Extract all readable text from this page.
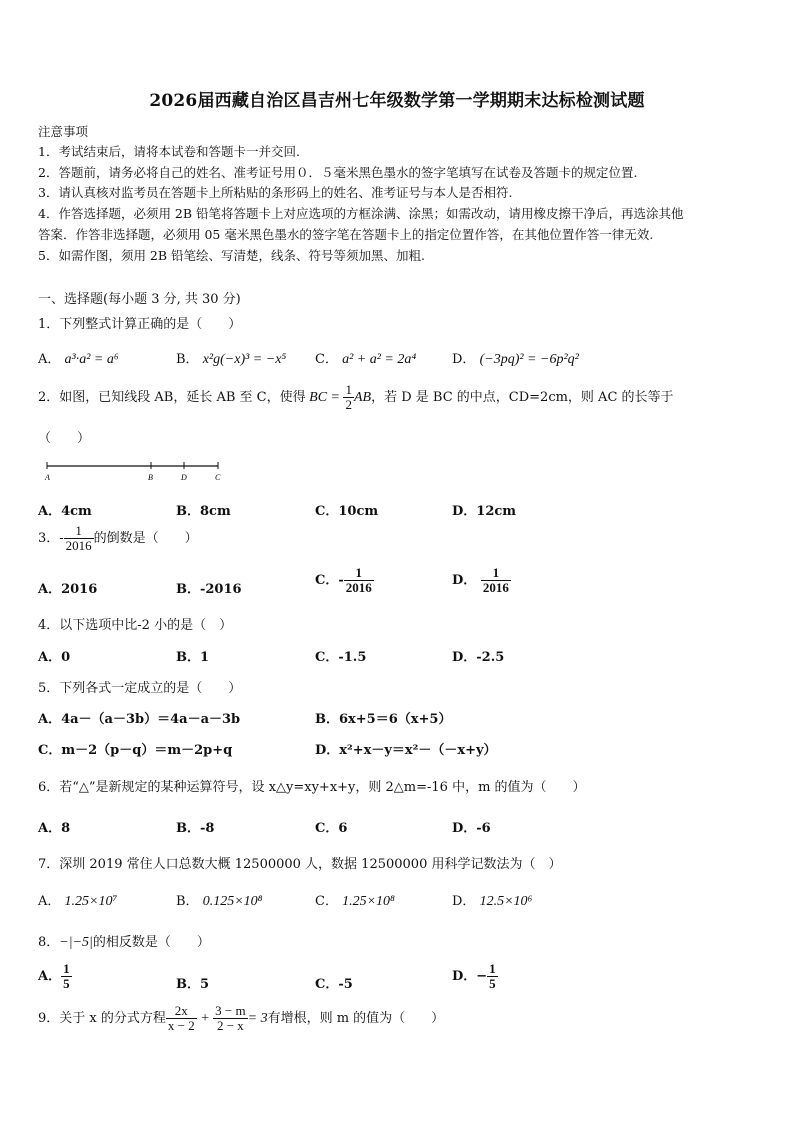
2026届西藏自治区昌吉州七年级数学第一学期期末达标检测试题
注意事项
1．考试结束后，请将本试卷和答题卡一并交回.
2．答题前，请务必将自己的姓名、准考证号用０．５毫米黑色墨水的签字笔填写在试卷及答题卡的规定位置.
3．请认真核对监考员在答题卡上所粘贴的条形码上的姓名、准考证号与本人是否相符.
4．作答选择题，必须用 2B 铅笔将答题卡上对应选项的方框涂满、涂黑；如需改动，请用橡皮擦干净后，再选涂其他
答案．作答非选择题，必须用 05 毫米黑色墨水的签字笔在答题卡上的指定位置作答，在其他位置作答一律无效.
5．如需作图，须用 2B 铅笔绘、写清楚，线条、符号等须加黑、加粗.
一、选择题(每小题 3 分, 共 30 分)
1．下列整式计算正确的是（　　）
A． a³·a² = a⁶	B． x²g(−x)³ = −x⁵ C． a² + a² = 2a⁴	D． (−3pq)² = −6p²q²
2．如图，已知线段 AB，延长 AB 至 C，使得 BC = $\frac{1}{2}$ AB，若 D 是 BC 的中点，CD=2cm，则 AC 的长等于
（　　）
A	B	D	C
A．4cm	B．8cm	C．10cm	D．12cm
3．- $\frac{1}{2016}$ 的倒数是（　　）
A．2016	B．-2016
C．- $\frac{1}{2016}$	D． $\frac{1}{2016}$
4．以下选项中比-2 小的是（　）
A．0	B．1	C．-1.5	D．-2.5
5．下列各式一定成立的是（　　）
A．4a－（a－3b）＝4a－a－3b	B．6x+5＝6（x+5）
C．m－2（p－q）＝m－2p+q	D．x²+x－y＝x²－（－x+y）
6．若“△”是新规定的某种运算符号，设 x△y=xy+x+y，则 2△m=-16 中，m 的值为（　　）
A．8	B．-8	C．6	D．-6
7．深圳 2019 常住人口总数大概 12500000 人，数据 12500000 用科学记数法为（　）
A． 1.25×10⁷	B． 0.125×10⁸	C． 1.25×10⁸	D． 12.5×10⁶
8．−|−5|的相反数是（　　）
A． $\frac{1}{5}$	B．5	C．-5
D．− $\frac{1}{5}$
9．关于 x 的分式方程 $\frac{2x}{x - 2} + \frac{3 - m}{2 - x} = 3$有增根，则 m 的值为（　　）
